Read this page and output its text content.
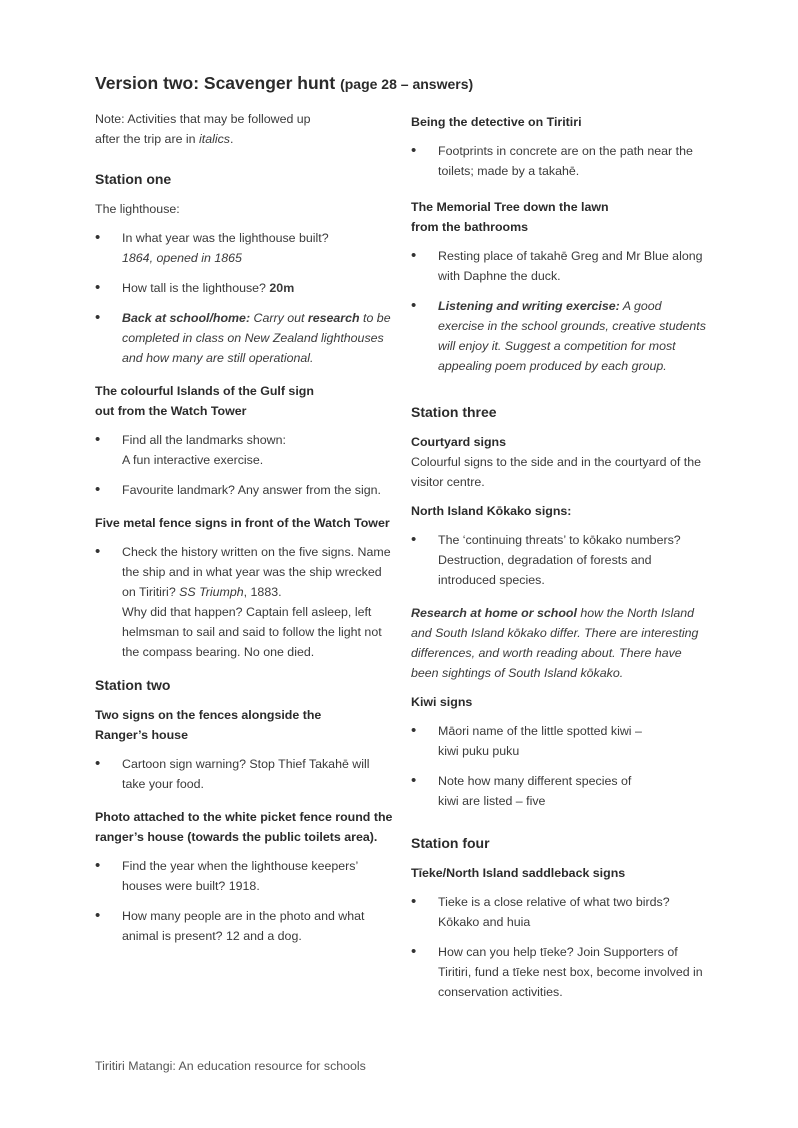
Version two: Scavenger hunt (page 28 – answers)

Note: Activities that may be followed up
after the trip are in italics.

Station one

The lighthouse:

• In what year was the lighthouse built?
1864, opened in 1865
• How tall is the lighthouse? 20m
• Back at school/home: Carry out research to be completed in class on New Zealand lighthouses and how many are still operational.

The colourful Islands of the Gulf sign
out from the Watch Tower

• Find all the landmarks shown:
A fun interactive exercise.
• Favourite landmark? Any answer from the sign.

Five metal fence signs in front of the Watch Tower

• Check the history written on the five signs. Name the ship and in what year was the ship wrecked on Tiritiri? SS Triumph, 1883.
Why did that happen? Captain fell asleep, left helmsman to sail and said to follow the light not the compass bearing. No one died.
Station two

Two signs on the fences alongside the
Ranger’s house

• Cartoon sign warning? Stop Thief Takahē will take your food.

Photo attached to the white picket fence round the ranger’s house (towards the public toilets area).

• Find the year when the lighthouse keepers’ houses were built? 1918.
• How many people are in the photo and what animal is present? 12 and a dog.

Being the detective on Tiritiri

• Footprints in concrete are on the path near the toilets; made by a takahē.

The Memorial Tree down the lawn
from the bathrooms

• Resting place of takahē Greg and Mr Blue along with Daphne the duck.
• Listening and writing exercise: A good exercise in the school grounds, creative students will enjoy it. Suggest a competition for most appealing poem produced by each group.
Station three

Courtyard signs

Colourful signs to the side and in the courtyard of the visitor centre.

North Island Kōkako signs:

• The ‘continuing threats’ to kōkako numbers? Destruction, degradation of forests and introduced species.

Research at home or school how the North Island and South Island kōkako differ. There are interesting differences, and worth reading about. There have been sightings of South Island kōkako.

Kiwi signs

• Māori name of the little spotted kiwi –
kiwi puku puku
• Note how many different species of
kiwi are listed – five
Station four

Tīeke/North Island saddleback signs

• Tieke is a close relative of what two birds?
Kōkako and huia
• How can you help tīeke? Join Supporters of Tiritiri, fund a tīeke nest box, become involved in conservation activities.
Tiritiri Matangi: An education resource for schools
